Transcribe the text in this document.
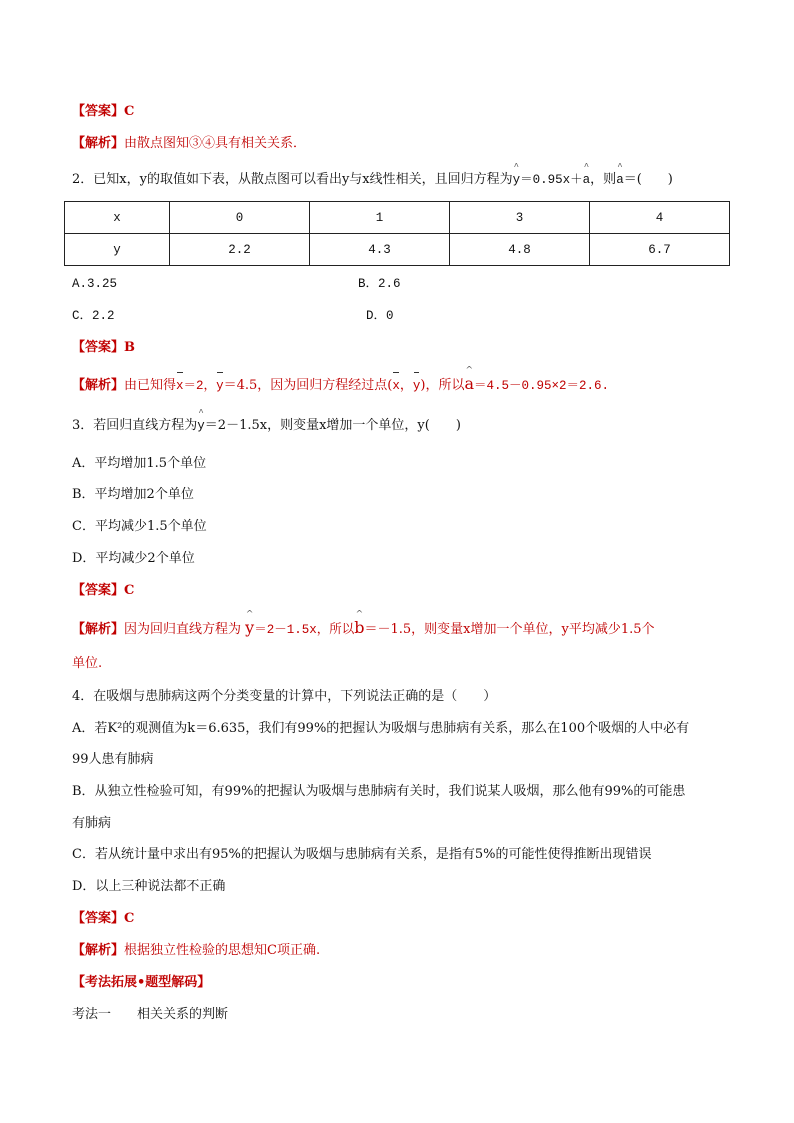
【答案】C
【解析】由散点图知③④具有相关关系．
2．已知x，y的取值如下表，从散点图可以看出y与x线性相关，且回归方程为^ y＝0.95x＋^ a，则^ a＝(　　)
x	0	1	3	4
y	2.2	4.3	4.8	6.7
A.3.25	B．2.6
C．2.2	D．0
【答案】B
【解析】由已知得x＝2，y＝4.5，因为回归方程经过点(x，y)，所以^ a＝4.5－0.95×2＝2.6.
3．若回归直线方程为^ y＝2－1.5x，则变量x增加一个单位，y(　　)
A．平均增加1.5个单位
B．平均增加2个单位
C．平均减少1.5个单位
D．平均减少2个单位
【答案】C
【解析】因为回归直线方程为 ^ y＝2－1.5x，所以^ b＝－1.5，则变量x增加一个单位，y平均减少1.5个
单位.
4．在吸烟与患肺病这两个分类变量的计算中，下列说法正确的是（　　）
A．若K²的观测值为k＝6.635，我们有99%的把握认为吸烟与患肺病有关系，那么在100个吸烟的人中必有
99人患有肺病
B．从独立性检验可知，有99%的把握认为吸烟与患肺病有关时，我们说某人吸烟，那么他有99%的可能患
有肺病
C．若从统计量中求出有95%的把握认为吸烟与患肺病有关系，是指有5%的可能性使得推断出现错误
D．以上三种说法都不正确
【答案】C
【解析】根据独立性检验的思想知C项正确.
【考法拓展•题型解码】
考法一 相关关系的判断
